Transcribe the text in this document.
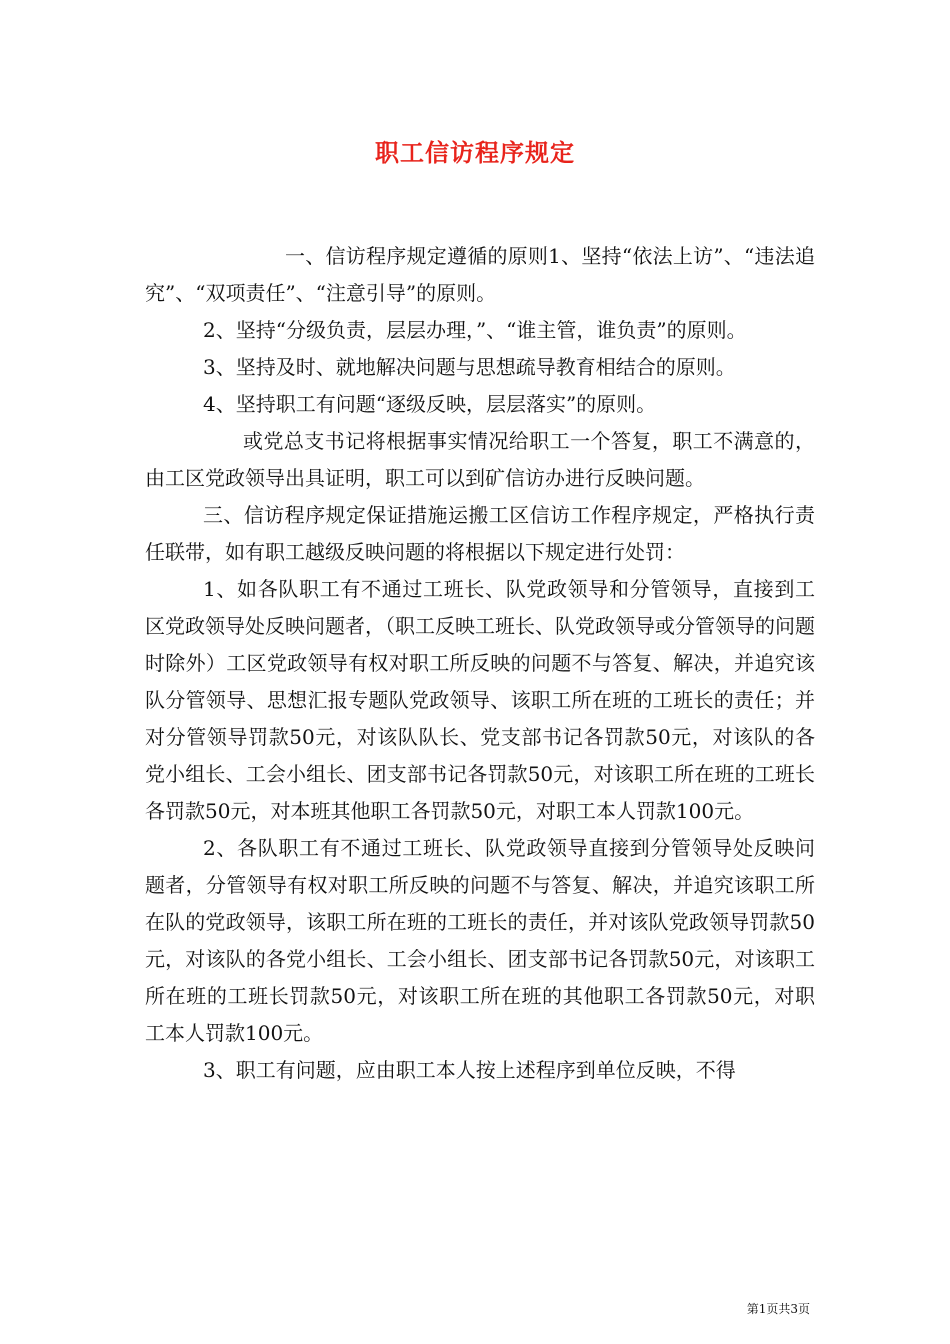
职工信访程序规定

一、信访程序规定遵循的原则1、坚持“依法上访”、“违法追究”、“双项责任”、“注意引导”的原则。

2、坚持“分级负责，层层办理，”、“谁主管，谁负责”的原则。

3、坚持及时、就地解决问题与思想疏导教育相结合的原则。

4、坚持职工有问题“逐级反映，层层落实”的原则。

或党总支书记将根据事实情况给职工一个答复，职工不满意的，由工区党政领导出具证明，职工可以到矿信访办进行反映问题。

三、信访程序规定保证措施运搬工区信访工作程序规定，严格执行责任联带，如有职工越级反映问题的将根据以下规定进行处罚：

1、如各队职工有不通过工班长、队党政领导和分管领导，直接到工区党政领导处反映问题者，（职工反映工班长、队党政领导或分管领导的问题时除外）工区党政领导有权对职工所反映的问题不与答复、解决，并追究该队分管领导、思想汇报专题队党政领导、该职工所在班的工班长的责任；并对分管领导罚款50元，对该队队长、党支部书记各罚款50元，对该队的各党小组长、工会小组长、团支部书记各罚款50元，对该职工所在班的工班长各罚款50元，对本班其他职工各罚款50元，对职工本人罚款100元。

2、各队职工有不通过工班长、队党政领导直接到分管领导处反映问题者，分管领导有权对职工所反映的问题不与答复、解决，并追究该职工所在队的党政领导，该职工所在班的工班长的责任，并对该队党政领导罚款50元，对该队的各党小组长、工会小组长、团支部书记各罚款50元，对该职工所在班的工班长罚款50元，对该职工所在班的其他职工各罚款50元，对职工本人罚款100元。

3、职工有问题，应由职工本人按上述程序到单位反映，不得

第1页共3页
